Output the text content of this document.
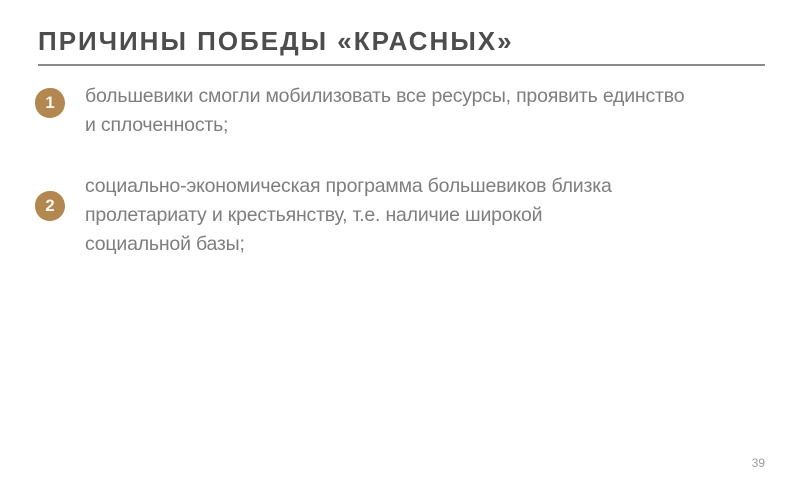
ПРИЧИНЫ ПОБЕДЫ «КРАСНЫХ»
1	большевики смогли мобилизовать все ресурсы, проявить единство
и сплоченность;
2
социально-экономическая программа большевиков близка
пролетариату и крестьянству, т.е. наличие широкой
социальной базы;
39
